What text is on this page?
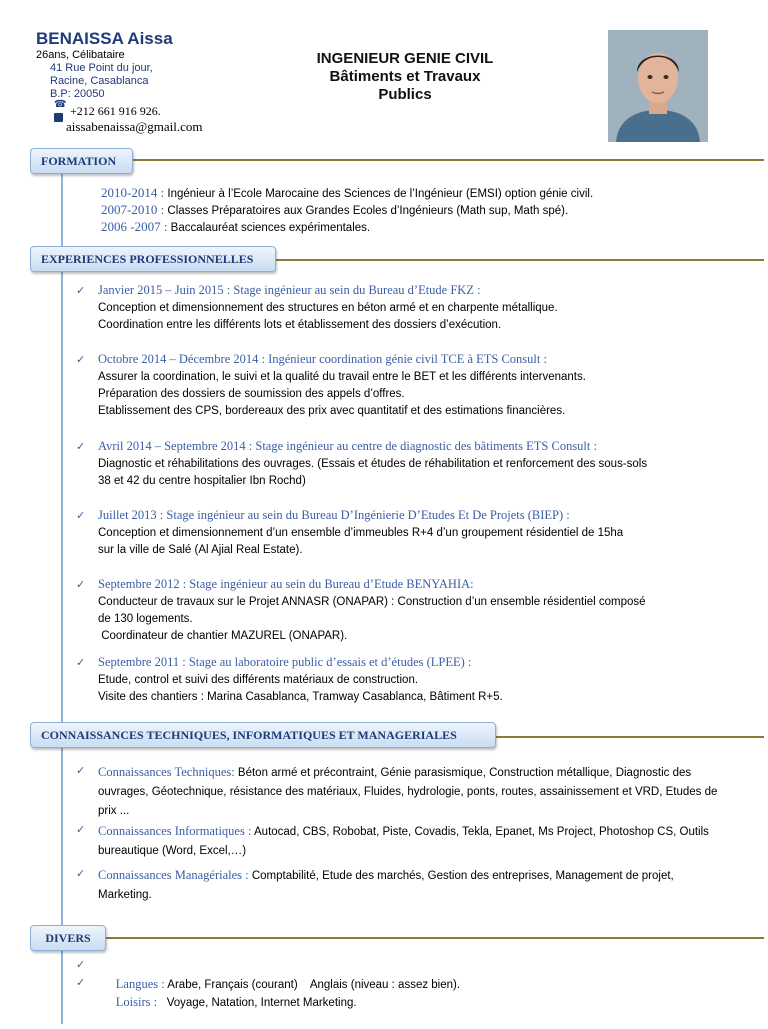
BENAISSA Aissa
26ans, Célibataire
41 Rue Point du jour,
Racine, Casablanca
B.P: 20050
☎ +212 661 916 926.
aissabenaissa@gmail.com
INGENIEUR GENIE CIVIL
Bâtiments et Travaux
Publics
FORMATION
2010-2014 : Ingénieur à l’Ecole Marocaine des Sciences de l’Ingénieur (EMSI) option génie civil.
2007-2010 : Classes Préparatoires aux Grandes Ecoles d’Ingénieurs (Math sup, Math spé).
2006 -2007 : Baccalauréat sciences expérimentales.
EXPERIENCES PROFESSIONNELLES
✓ Janvier 2015 – Juin 2015 : Stage ingénieur au sein du Bureau d’Etude FKZ :
Conception et dimensionnement des structures en béton armé et en charpente métallique.
Coordination entre les différents lots et établissement des dossiers d’exécution.
✓ Octobre 2014 – Décembre 2014 : Ingénieur coordination génie civil TCE à ETS Consult :
Assurer la coordination, le suivi et la qualité du travail entre le BET et les différents intervenants.
Préparation des dossiers de soumission des appels d’offres.
Etablissement des CPS, bordereaux des prix avec quantitatif et des estimations financières.
✓ Avril 2014 – Septembre 2014 : Stage ingénieur au centre de diagnostic des bâtiments ETS Consult :
Diagnostic et réhabilitations des ouvrages. (Essais et études de réhabilitation et renforcement des sous-sols
38 et 42 du centre hospitalier Ibn Rochd)
✓ Juillet 2013 : Stage ingénieur au sein du Bureau D’Ingénierie D’Etudes Et De Projets (BIEP) :
Conception et dimensionnement d’un ensemble d’immeubles R+4 d’un groupement résidentiel de 15ha
sur la ville de Salé (Al Ajial Real Estate).
✓ Septembre 2012 : Stage ingénieur au sein du Bureau d’Etude BENYAHIA:
Conducteur de travaux sur le Projet ANNASR (ONAPAR) : Construction d’un ensemble résidentiel composé
de 130 logements.
Coordinateur de chantier MAZUREL (ONAPAR).
✓ Septembre 2011 : Stage au laboratoire public d’essais et d’études (LPEE) :
Etude, control et suivi des différents matériaux de construction.
Visite des chantiers : Marina Casablanca, Tramway Casablanca, Bâtiment R+5.
CONNAISSANCES TECHNIQUES, INFORMATIQUES ET MANAGERIALES
✓ Connaissances Techniques: Béton armé et précontraint, Génie parasismique, Construction métallique, Diagnostic des ouvrages, Géotechnique, résistance des matériaux, Fluides, hydrologie, ponts, routes, assainissement et VRD, Etudes de prix ...
✓ Connaissances Informatiques : Autocad, CBS, Robobat, Piste, Covadis, Tekla, Epanet, Ms Project, Photoshop CS, Outils bureautique (Word, Excel,…)
✓ Connaissances Managériales : Comptabilité, Etude des marchés, Gestion des entreprises, Management de projet, Marketing.
DIVERS

✓

Langues : Arabe, Français (courant)    Anglais (niveau : assez bien).

✓

Loisirs :   Voyage, Natation, Internet Marketing.
